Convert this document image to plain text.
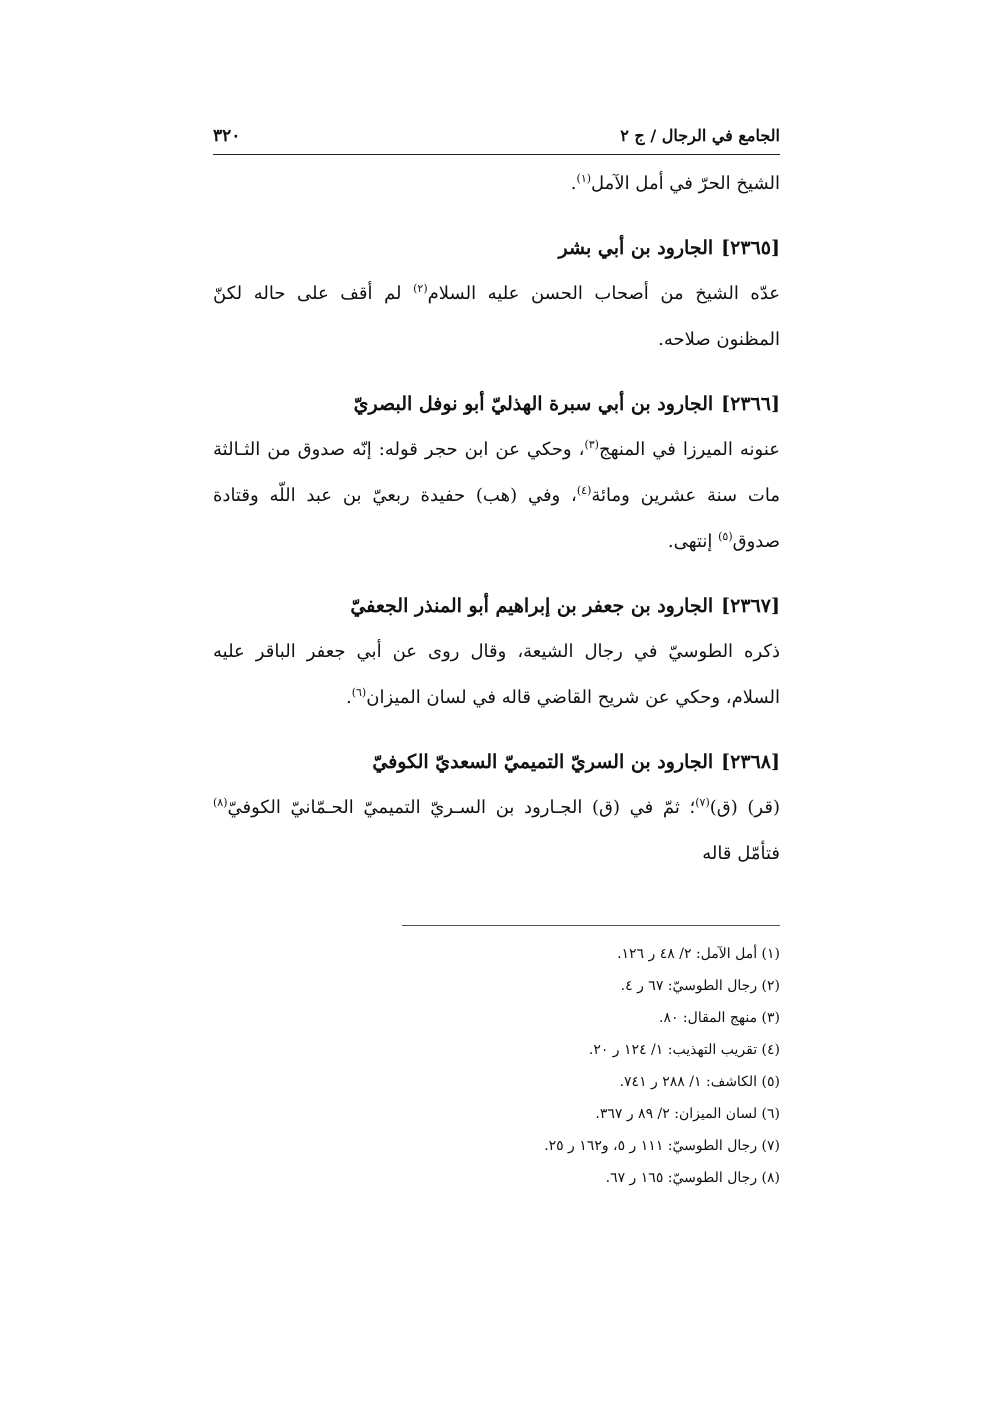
الجامع في الرجال / ج ٢
٣٢٠

الشيخ الحرّ في أمل الآمل$^{(١)}$.

[٢٣٦٥]الجارود بن أبي بشر

عدّه الشيخ من أصحاب الحسن عليه السلام$^{(٢)}$ لم أقف على حاله لكنّ المظنون صلاحه.

[٢٣٦٦]الجارود بن أبي سبرة الهذليّ أبو نوفل البصريّ

عنونه الميرزا في المنهج$^{(٣)}$، وحكي عن ابن حجر قوله: إنّه صدوق من الثـالثة مات سنة عشرين ومائة$^{(٤)}$، وفي (هب) حفيدة ربعيّ بن عبد اللّه وقتادة صدوق$^{(٥)}$ إنتهى.

[٢٣٦٧]الجارود بن جعفر بن إبراهيم أبو المنذر الجعفيّ

ذكره الطوسيّ في رجال الشيعة، وقال روى عن أبي جعفر الباقر عليه السلام، وحكي عن شريح القاضي قاله في لسان الميزان$^{(٦)}$.

[٢٣٦٨]الجارود بن السريّ التميميّ السعديّ الكوفيّ

(قر) (ق)$^{(٧)}$؛ ثمّ في (ق) الجـارود بن السـريّ التميميّ الحـمّانيّ الكوفيّ$^{(٨)}$ فتأمّل قاله

(١) أمل الآمل: ٢/ ٤٨ ر ١٢٦.

(٢) رجال الطوسيّ: ٦٧ ر ٤.

(٣) منهج المقال: ٨٠.

(٤) تقريب التهذيب: ١/ ١٢٤ ر ٢٠.

(٥) الكاشف: ١/ ٢٨٨ ر ٧٤١.

(٦) لسان الميزان: ٢/ ٨٩ ر ٣٦٧.

(٧) رجال الطوسيّ: ١١١ ر ٥، و١٦٢ ر ٢٥.

(٨) رجال الطوسيّ: ١٦٥ ر ٦٧.
